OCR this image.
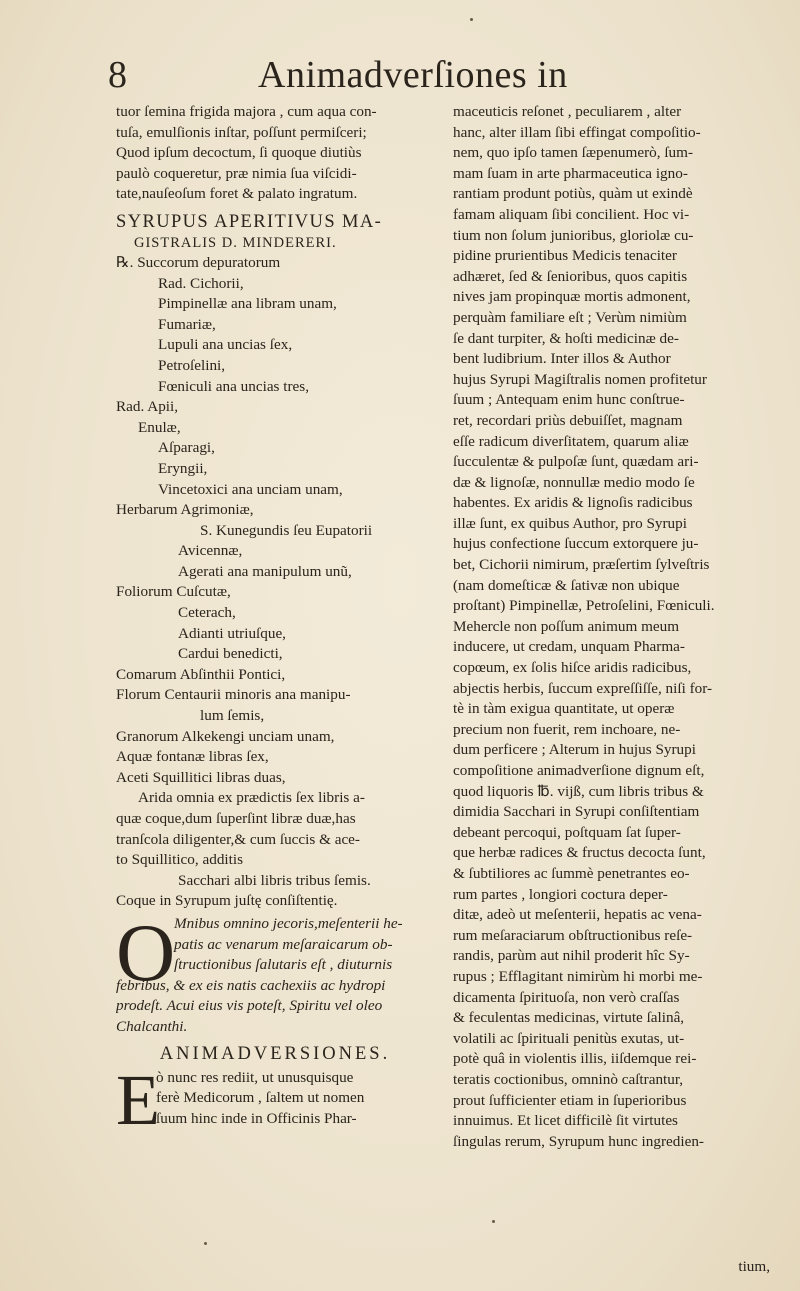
8	Animadverſiones in
tuor ſemina frigida majora , cum aqua con-
tuſa, emulſionis inſtar, poſſunt permiſceri;
Quod ipſum decoctum, ſi quoque diutiùs
paulò coqueretur, præ nimia ſua viſcidi-
tate,nauſeoſum foret & palato ingratum.
SYRUPUS APERITIVUS MA-
GISTRALIS D. MINDERERI.
℞. Succorum depuratorum
Rad. Cichorii,
Pimpinellæ ana libram unam,
Fumariæ,
Lupuli ana uncias ſex,
Petroſelini,
Fœniculi ana uncias tres,
Rad. Apii,
Enulæ,
Aſparagi,
Eryngii,
Vincetoxici ana unciam unam,
Herbarum Agrimoniæ,
S. Kunegundis ſeu Eupatorii
Avicennæ,
Agerati ana manipulum unũ,
Foliorum Cuſcutæ,
Ceterach,
Adianti utriuſque,
Cardui benedicti,
Comarum Abſinthii Pontici,
Florum Centaurii minoris ana manipu-
lum ſemis,
Granorum Alkekengi unciam unam,
Aquæ fontanæ libras ſex,
Aceti Squillitici libras duas,
Arida omnia ex prædictis ſex libris a-
quæ coque,dum ſuperſint libræ duæ,has
tranſcola diligenter,& cum ſuccis & ace-
to Squillitico, additis
Sacchari albi libris tribus ſemis.
Coque in Syrupum juſtę conſiſtentię.
O
Mnibus omnino jecoris,meſenterii he-
patis ac venarum meſaraicarum ob-
ſtructionibus ſalutaris eſt , diuturnis
febribus, & ex eis natis cachexiis ac hydropi
prodeſt. Acui eius vis poteſt, Spiritu vel oleo
Chalcanthi.
ANIMADVERSIONES.
E
ò nunc res rediit, ut unusquisque
ferè Medicorum , ſaltem ut nomen
ſuum hinc inde in Officinis Phar-
maceuticis reſonet , peculiarem , alter
hanc, alter illam ſibi effingat compoſitio-
nem, quo ipſo tamen ſæpenumerò, ſum-
mam ſuam in arte pharmaceutica igno-
rantiam produnt potiùs, quàm ut exindè
famam aliquam ſibi concilient. Hoc vi-
tium non ſolum junioribus, gloriolæ cu-
pidine prurientibus Medicis tenaciter
adhæret, ſed & ſenioribus, quos capitis
nives jam propinquæ mortis admonent,
perquàm familiare eſt ; Verùm nimiùm
ſe dant turpiter, & hoſti medicinæ de-
bent ludibrium. Inter illos & Author
hujus Syrupi Magiſtralis nomen profitetur
ſuum ; Antequam enim hunc conſtrue-
ret, recordari priùs debuiſſet, magnam
eſſe radicum diverſitatem, quarum aliæ
ſucculentæ & pulpoſæ ſunt, quædam ari-
dæ & lignoſæ, nonnullæ medio modo ſe
habentes. Ex aridis & lignoſis radicibus
illæ ſunt, ex quibus Author, pro Syrupi
hujus confectione ſuccum extorquere ju-
bet, Cichorii nimirum, præſertim ſylveſtris
(nam domeſticæ & ſativæ non ubique
proſtant) Pimpinellæ, Petroſelini, Fœniculi.
Mehercle non poſſum animum meum
inducere, ut credam, unquam Pharma-
copœum, ex ſolis hiſce aridis radicibus,
abjectis herbis, ſuccum expreſſiſſe, niſi for-
tè in tàm exigua quantitate, ut operæ
precium non fuerit, rem inchoare, ne-
dum perficere ; Alterum in hujus Syrupi
compoſitione animadverſione dignum eſt,
quod liquoris ℔. vijß, cum libris tribus &
dimidia Sacchari in Syrupi conſiſtentiam
debeant percoqui, poſtquam ſat ſuper-
que herbæ radices & fructus decocta ſunt,
& ſubtiliores ac ſummè penetrantes eo-
rum partes , longiori coctura deper-
ditæ, adeò ut meſenterii, hepatis ac vena-
rum meſaraciarum obſtructionibus reſe-
randis, parùm aut nihil proderit hîc Sy-
rupus ; Efflagitant nimirùm hi morbi me-
dicamenta ſpirituoſa, non verò craſſas
& feculentas medicinas, virtute ſalinâ,
volatili ac ſpirituali penitùs exutas, ut-
potè quâ in violentis illis, iiſdemque rei-
teratis coctionibus, omninò caſtrantur,
prout ſufficienter etiam in ſuperioribus
innuimus. Et licet difficilè ſit virtutes
ſingulas rerum, Syrupum hunc ingredien-
tium,
